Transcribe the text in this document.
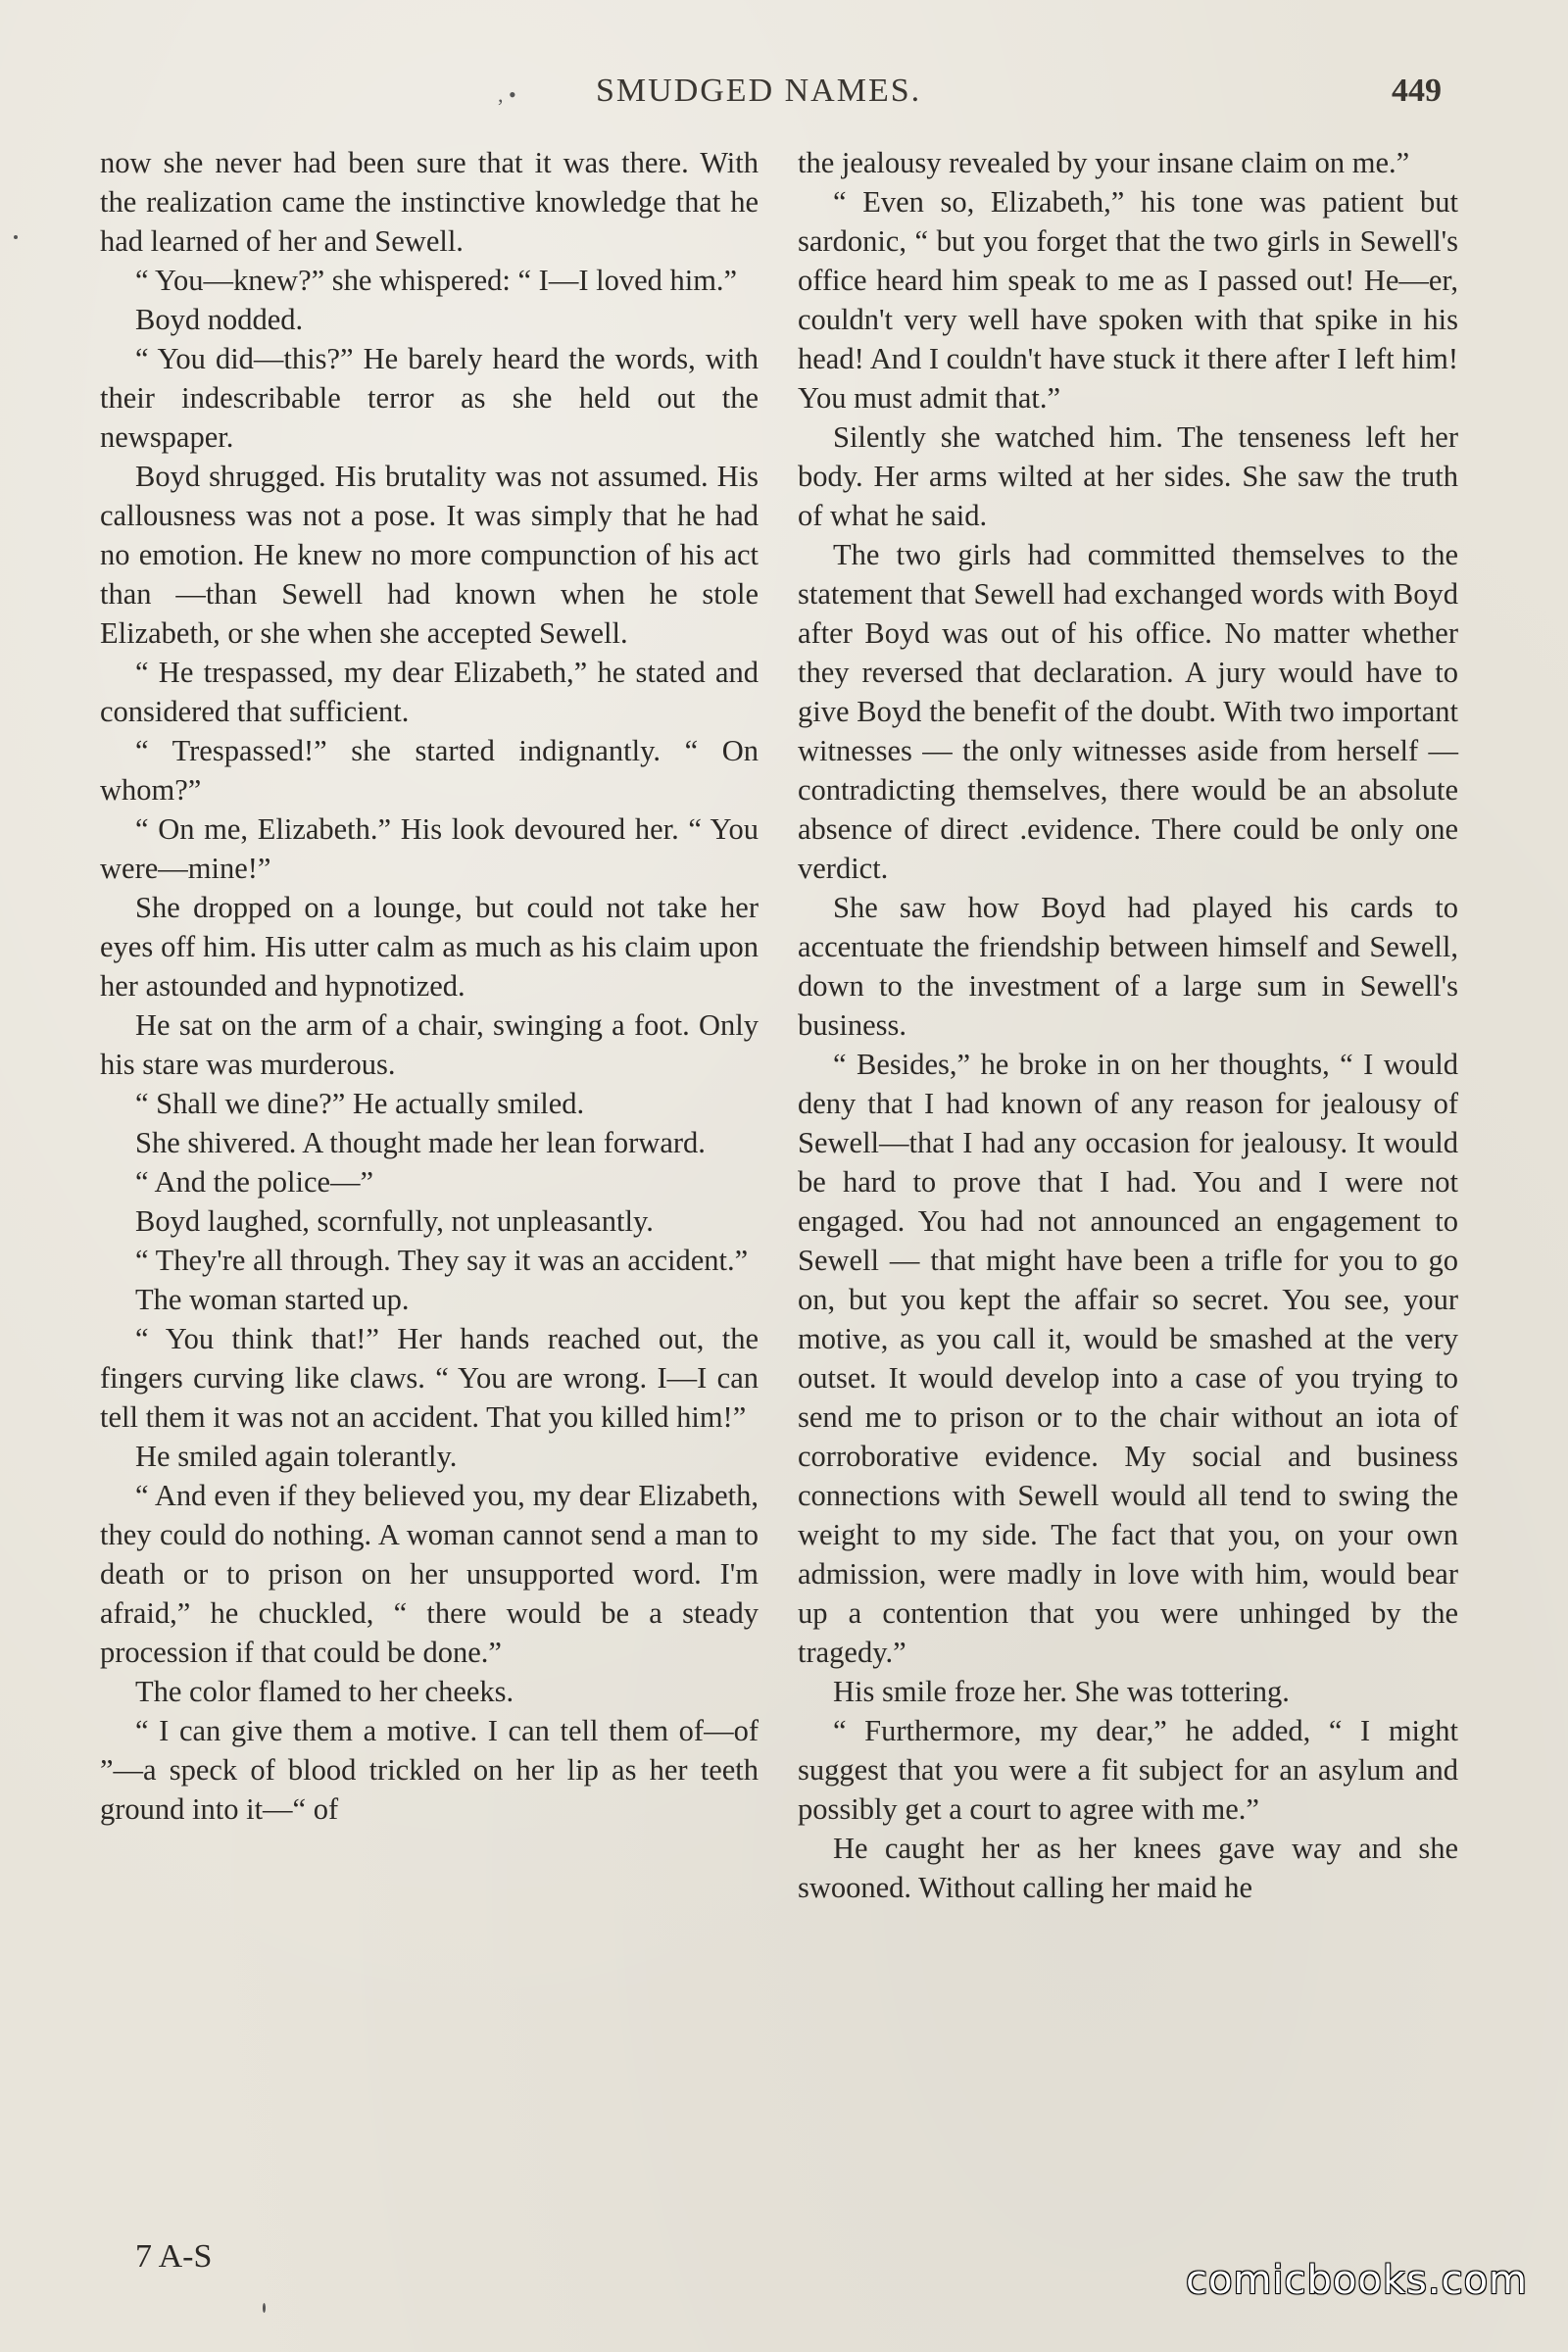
, • SMUDGED NAMES.	449

now she never had been sure that it was there. With the realization came the instinctive knowledge that he had learned of her and Sewell.

“ You—knew?” she whispered: “ I—I loved him.”

Boyd nodded.

“ You did—this?” He barely heard the words, with their indescribable terror as she held out the newspaper.

Boyd shrugged. His brutality was not assumed. His callousness was not a pose. It was simply that he had no emotion. He knew no more compunction of his act than —than Sewell had known when he stole Elizabeth, or she when she accepted Sewell.

“ He trespassed, my dear Elizabeth,” he stated and considered that sufficient.

“ Trespassed!” she started indignantly. “ On whom?”

“ On me, Elizabeth.” His look devoured her. “ You were—mine!”

She dropped on a lounge, but could not take her eyes off him. His utter calm as much as his claim upon her astounded and hypnotized.

He sat on the arm of a chair, swinging a foot. Only his stare was murderous.

“ Shall we dine?” He actually smiled.

She shivered. A thought made her lean forward.

“ And the police—”

Boyd laughed, scornfully, not unpleasantly.

“ They're all through. They say it was an accident.”

The woman started up.

“ You think that!” Her hands reached out, the fingers curving like claws. “ You are wrong. I—I can tell them it was not an accident. That you killed him!”

He smiled again tolerantly.

“ And even if they believed you, my dear Elizabeth, they could do nothing. A woman cannot send a man to death or to prison on her unsupported word. I'm afraid,” he chuckled, “ there would be a steady procession if that could be done.”

The color flamed to her cheeks.

“ I can give them a motive. I can tell them of—of ”—a speck of blood trickled on her lip as her teeth ground into it—“ of

the jealousy revealed by your insane claim on me.”

“ Even so, Elizabeth,” his tone was patient but sardonic, “ but you forget that the two girls in Sewell's office heard him speak to me as I passed out! He—er, couldn't very well have spoken with that spike in his head! And I couldn't have stuck it there after I left him! You must admit that.”

Silently she watched him. The tenseness left her body. Her arms wilted at her sides. She saw the truth of what he said.

The two girls had committed themselves to the statement that Sewell had exchanged words with Boyd after Boyd was out of his office. No matter whether they reversed that declaration. A jury would have to give Boyd the benefit of the doubt. With two important witnesses — the only witnesses aside from herself — contradicting themselves, there would be an absolute absence of direct .evidence. There could be only one verdict.

She saw how Boyd had played his cards to accentuate the friendship between himself and Sewell, down to the investment of a large sum in Sewell's business.

“ Besides,” he broke in on her thoughts, “ I would deny that I had known of any reason for jealousy of Sewell—that I had any occasion for jealousy. It would be hard to prove that I had. You and I were not engaged. You had not announced an engagement to Sewell — that might have been a trifle for you to go on, but you kept the affair so secret. You see, your motive, as you call it, would be smashed at the very outset. It would develop into a case of you trying to send me to prison or to the chair without an iota of corroborative evidence. My social and business connections with Sewell would all tend to swing the weight to my side. The fact that you, on your own admission, were madly in love with him, would bear up a contention that you were unhinged by the tragedy.”

His smile froze her. She was tottering.

“ Furthermore, my dear,” he added, “ I might suggest that you were a fit subject for an asylum and possibly get a court to agree with me.”

He caught her as her knees gave way and she swooned. Without calling her maid he

7 A-S
comicbooks.com
